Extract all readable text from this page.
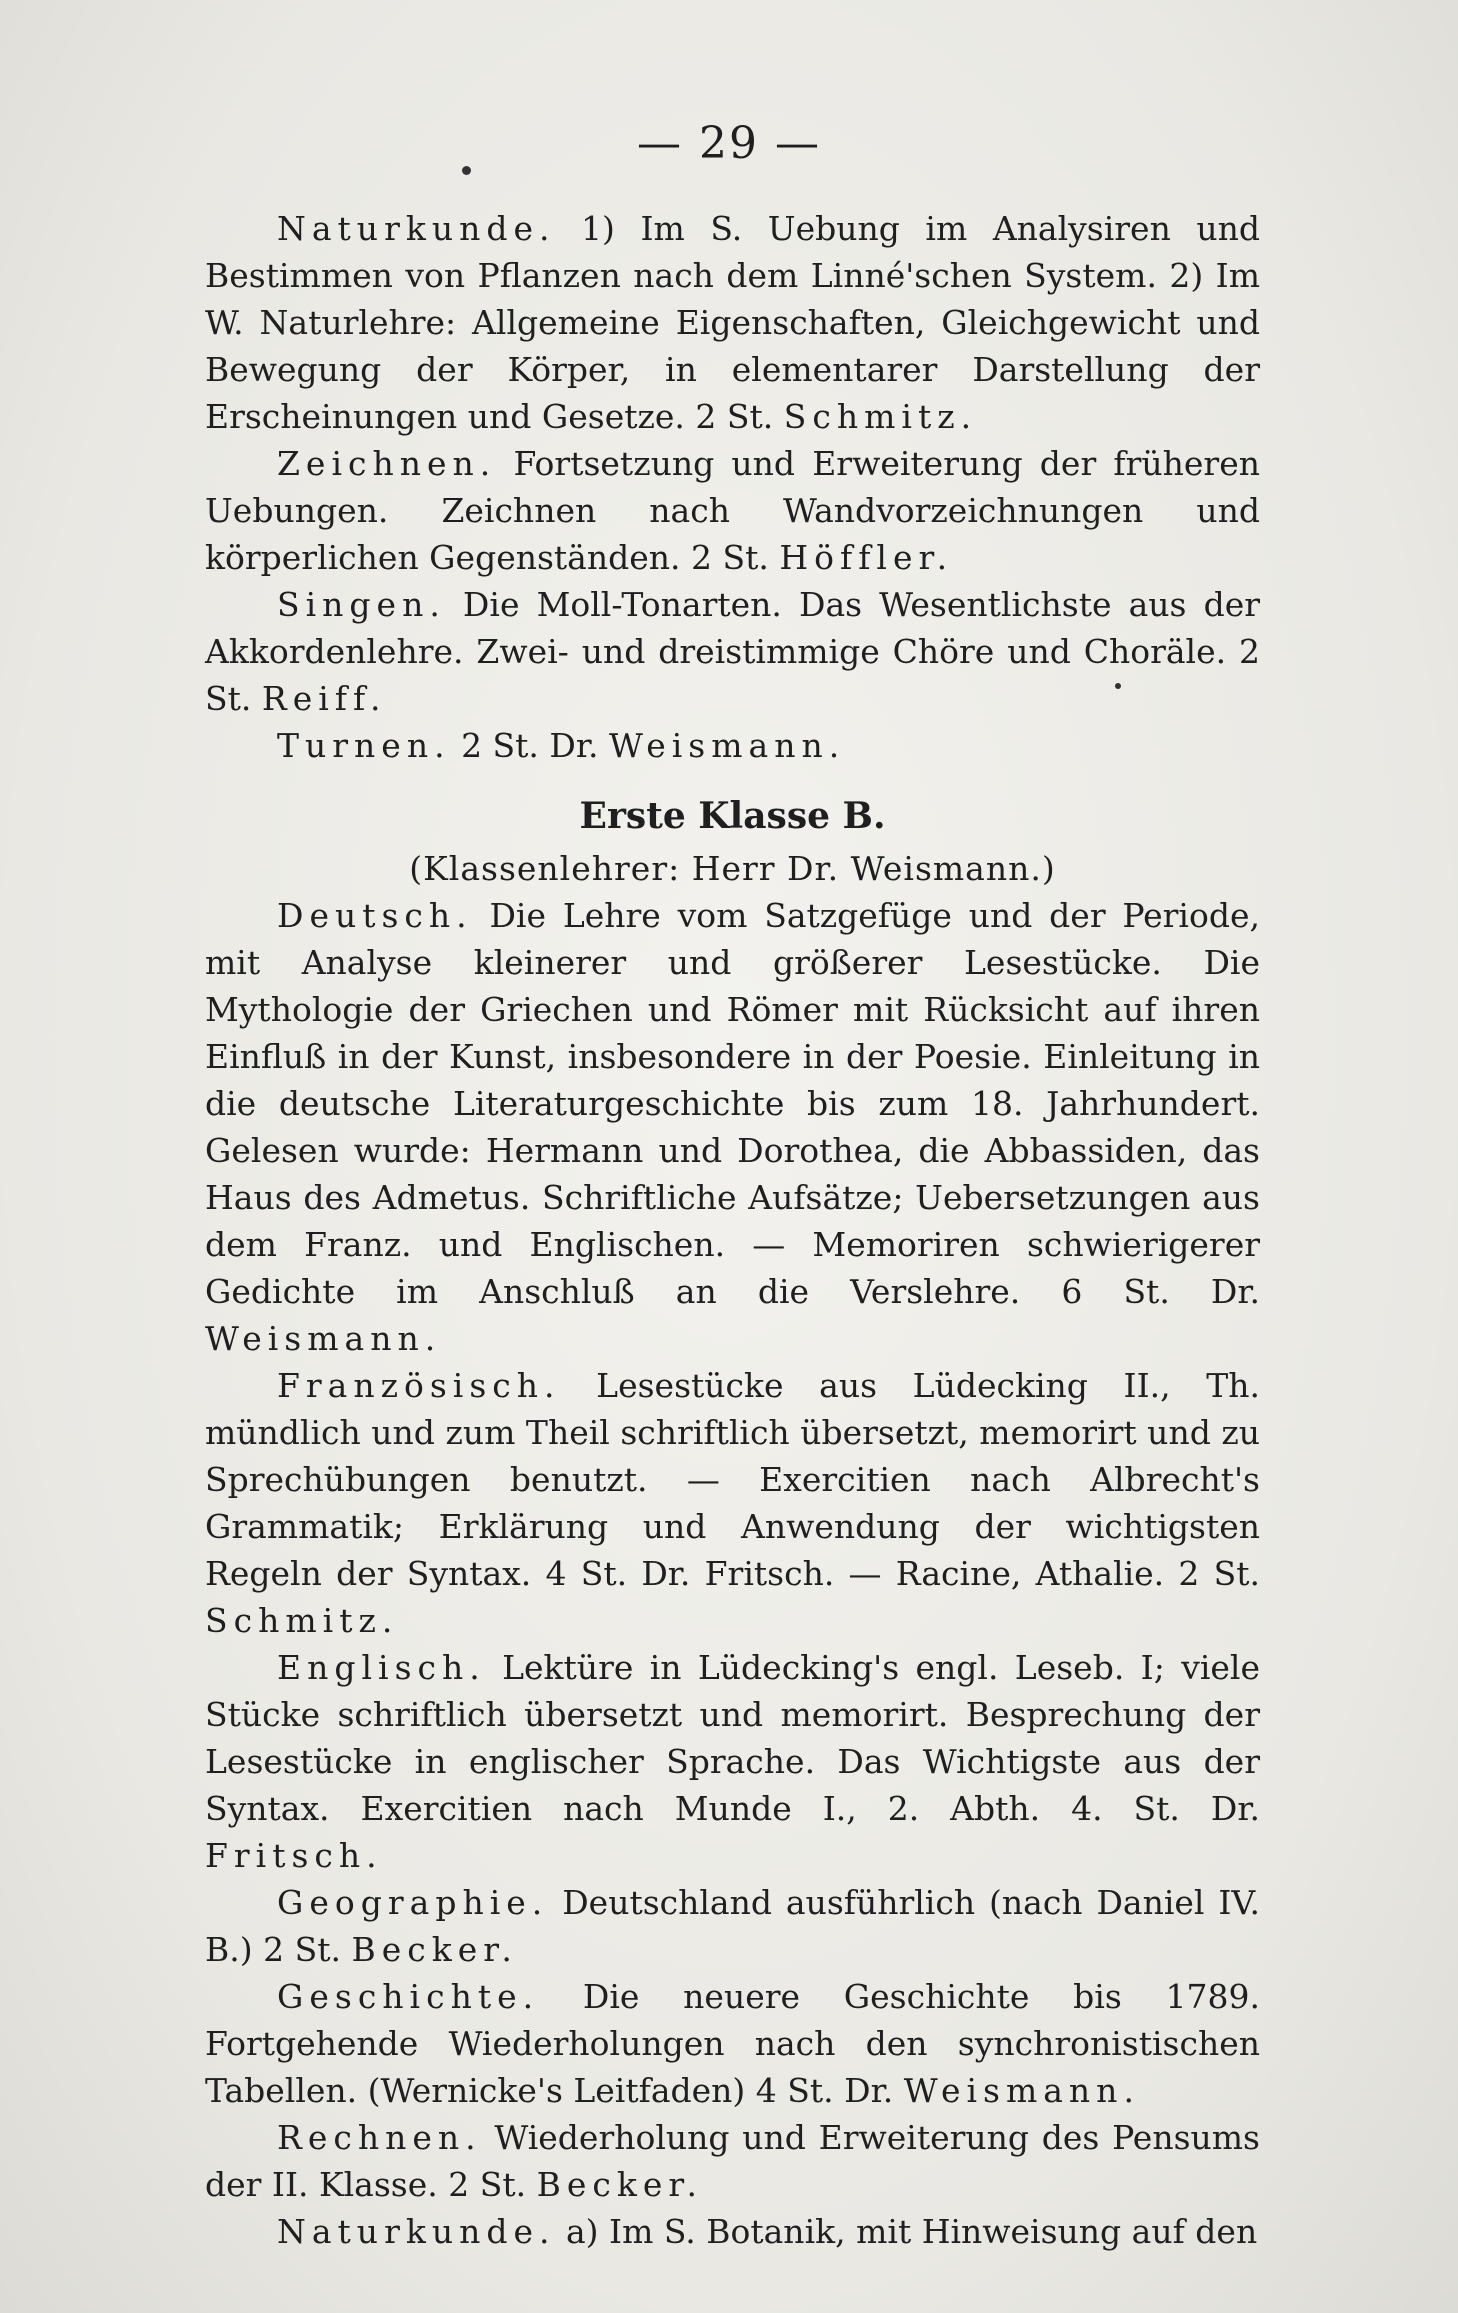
— 29 —

Naturkunde. 1) Im S. Uebung im Analysiren und Bestimmen von Pflanzen nach dem Linné'schen System. 2) Im W. Naturlehre: Allgemeine Eigenschaften, Gleichgewicht und Bewegung der Körper, in elementarer Darstellung der Erscheinungen und Gesetze. 2 St. Schmitz.

Zeichnen. Fortsetzung und Erweiterung der früheren Uebungen. Zeichnen nach Wandvorzeichnungen und körperlichen Gegenständen. 2 St. Höffler.

Singen. Die Moll-Tonarten. Das Wesentlichste aus der Akkordenlehre. Zwei- und dreistimmige Chöre und Choräle. 2 St. Reiff.

Turnen. 2 St. Dr. Weismann.

Erste Klasse B.

(Klassenlehrer: Herr Dr. Weismann.)

Deutsch. Die Lehre vom Satzgefüge und der Periode, mit Analyse kleinerer und größerer Lesestücke. Die Mythologie der Griechen und Römer mit Rücksicht auf ihren Einfluß in der Kunst, insbesondere in der Poesie. Einleitung in die deutsche Literaturgeschichte bis zum 18. Jahrhundert. Gelesen wurde: Hermann und Dorothea, die Abbassiden, das Haus des Admetus. Schriftliche Aufsätze; Uebersetzungen aus dem Franz. und Englischen. — Memoriren schwierigerer Gedichte im Anschluß an die Verslehre. 6 St. Dr. Weismann.

Französisch. Lesestücke aus Lüdecking II., Th. mündlich und zum Theil schriftlich übersetzt, memorirt und zu Sprechübungen benutzt. — Exercitien nach Albrecht's Grammatik; Erklärung und Anwendung der wichtigsten Regeln der Syntax. 4 St. Dr. Fritsch. — Racine, Athalie. 2 St. Schmitz.

Englisch. Lektüre in Lüdecking's engl. Leseb. I; viele Stücke schriftlich übersetzt und memorirt. Besprechung der Lesestücke in englischer Sprache. Das Wichtigste aus der Syntax. Exercitien nach Munde I., 2. Abth. 4. St. Dr. Fritsch.

Geographie. Deutschland ausführlich (nach Daniel IV. B.) 2 St. Becker.

Geschichte. Die neuere Geschichte bis 1789. Fortgehende Wiederholungen nach den synchronistischen Tabellen. (Wernicke's Leitfaden) 4 St. Dr. Weismann.

Rechnen. Wiederholung und Erweiterung des Pensums der II. Klasse. 2 St. Becker.

Naturkunde. a) Im S. Botanik, mit Hinweisung auf den
